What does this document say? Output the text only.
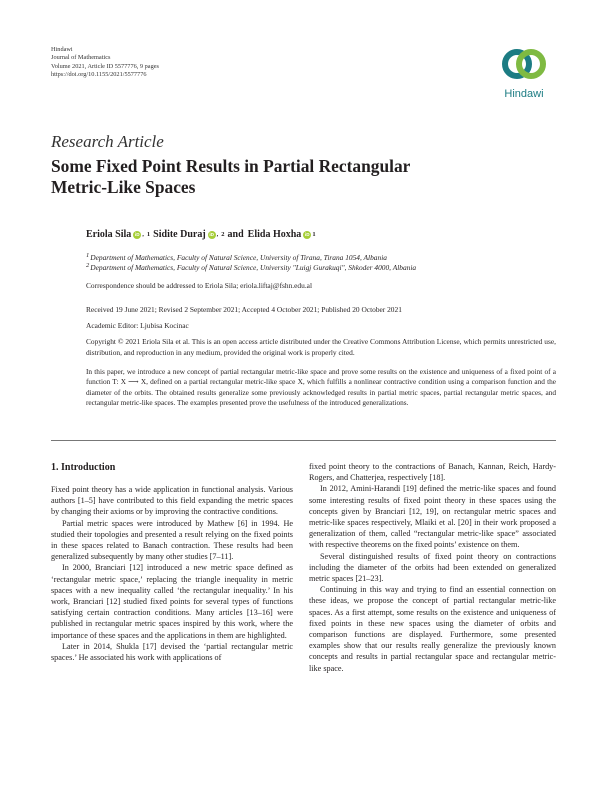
Hindawi
Journal of Mathematics
Volume 2021, Article ID 5577776, 9 pages
https://doi.org/10.1155/2021/5577776
Hindawi
Research Article
Some Fixed Point Results in Partial Rectangular
Metric-Like Spaces
Eriola Sila iD , 1 Sidite Duraj iD , 2 and Elida Hoxha iD 1
1Department of Mathematics, Faculty of Natural Science, University of Tirana, Tirana 1054, Albania
2Department of Mathematics, Faculty of Natural Science, University "Luigj Gurakuqi", Shkoder 4000, Albania
Correspondence should be addressed to Eriola Sila; eriola.liftaj@fshn.edu.al
Received 19 June 2021; Revised 2 September 2021; Accepted 4 October 2021; Published 20 October 2021
Academic Editor: Ljubisa Kocinac
Copyright © 2021 Eriola Sila et al. This is an open access article distributed under the Creative Commons Attribution License, which permits unrestricted use, distribution, and reproduction in any medium, provided the original work is properly cited.
In this paper, we introduce a new concept of partial rectangular metric-like space and prove some results on the existence and uniqueness of a fixed point of a function T: X ⟶ X, defined on a partial rectangular metric-like space X, which fulfills a nonlinear contractive condition using a comparison function and the diameter of the orbits. The obtained results generalize some previously acknowledged results in partial metric spaces, partial rectangular metric spaces, and rectangular metric-like spaces. The examples presented prove the usefulness of the introduced generalizations.
1. Introduction

Fixed point theory has a wide application in functional analysis. Various authors [1–5] have contributed to this field expanding the metric spaces by changing their axioms or by improving the contractive conditions.

Partial metric spaces were introduced by Mathew [6] in 1994. He studied their topologies and presented a result relying on the fixed points in these spaces related to Banach contraction. These results had been generalized subsequently by many other studies [7–11].

In 2000, Branciari [12] introduced a new metric space defined as ‘rectangular metric space,’ replacing the triangle inequality in metric spaces with a new inequality called ‘the rectangular inequality.’ In his work, Branciari [12] studied fixed points for several types of functions satisfying certain contraction conditions. Many articles [13–16] were published in rectangular metric spaces inspired by this work, where the importance of these spaces and the applications in them are highlighted.

Later in 2014, Shukla [17] devised the ‘partial rectangular metric spaces.’ He associated his work with applications of

fixed point theory to the contractions of Banach, Kannan, Reich, Hardy-Rogers, and Chatterjea, respectively [18].

In 2012, Amini-Harandi [19] defined the metric-like spaces and found some interesting results of fixed point theory in these spaces using the concepts given by Branciari [12, 19], on rectangular metric spaces and metric-like spaces respectively, Mlaiki et al. [20] in their work proposed a generalization of them, called “rectangular metric-like space” associated with respective theorems on the fixed points’ existence on them.

Several distinguished results of fixed point theory on contractions including the diameter of the orbits had been extended on generalized metric spaces [21–23].

Continuing in this way and trying to find an essential connection on these ideas, we propose the concept of partial rectangular metric-like spaces. As a first attempt, some results on the existence and uniqueness of fixed points in these new spaces using the diameter of orbits and comparison functions are displayed. Furthermore, some presented examples show that our results really generalize the previously known concepts and results in partial rectangular space and rectangular metric-like space.
